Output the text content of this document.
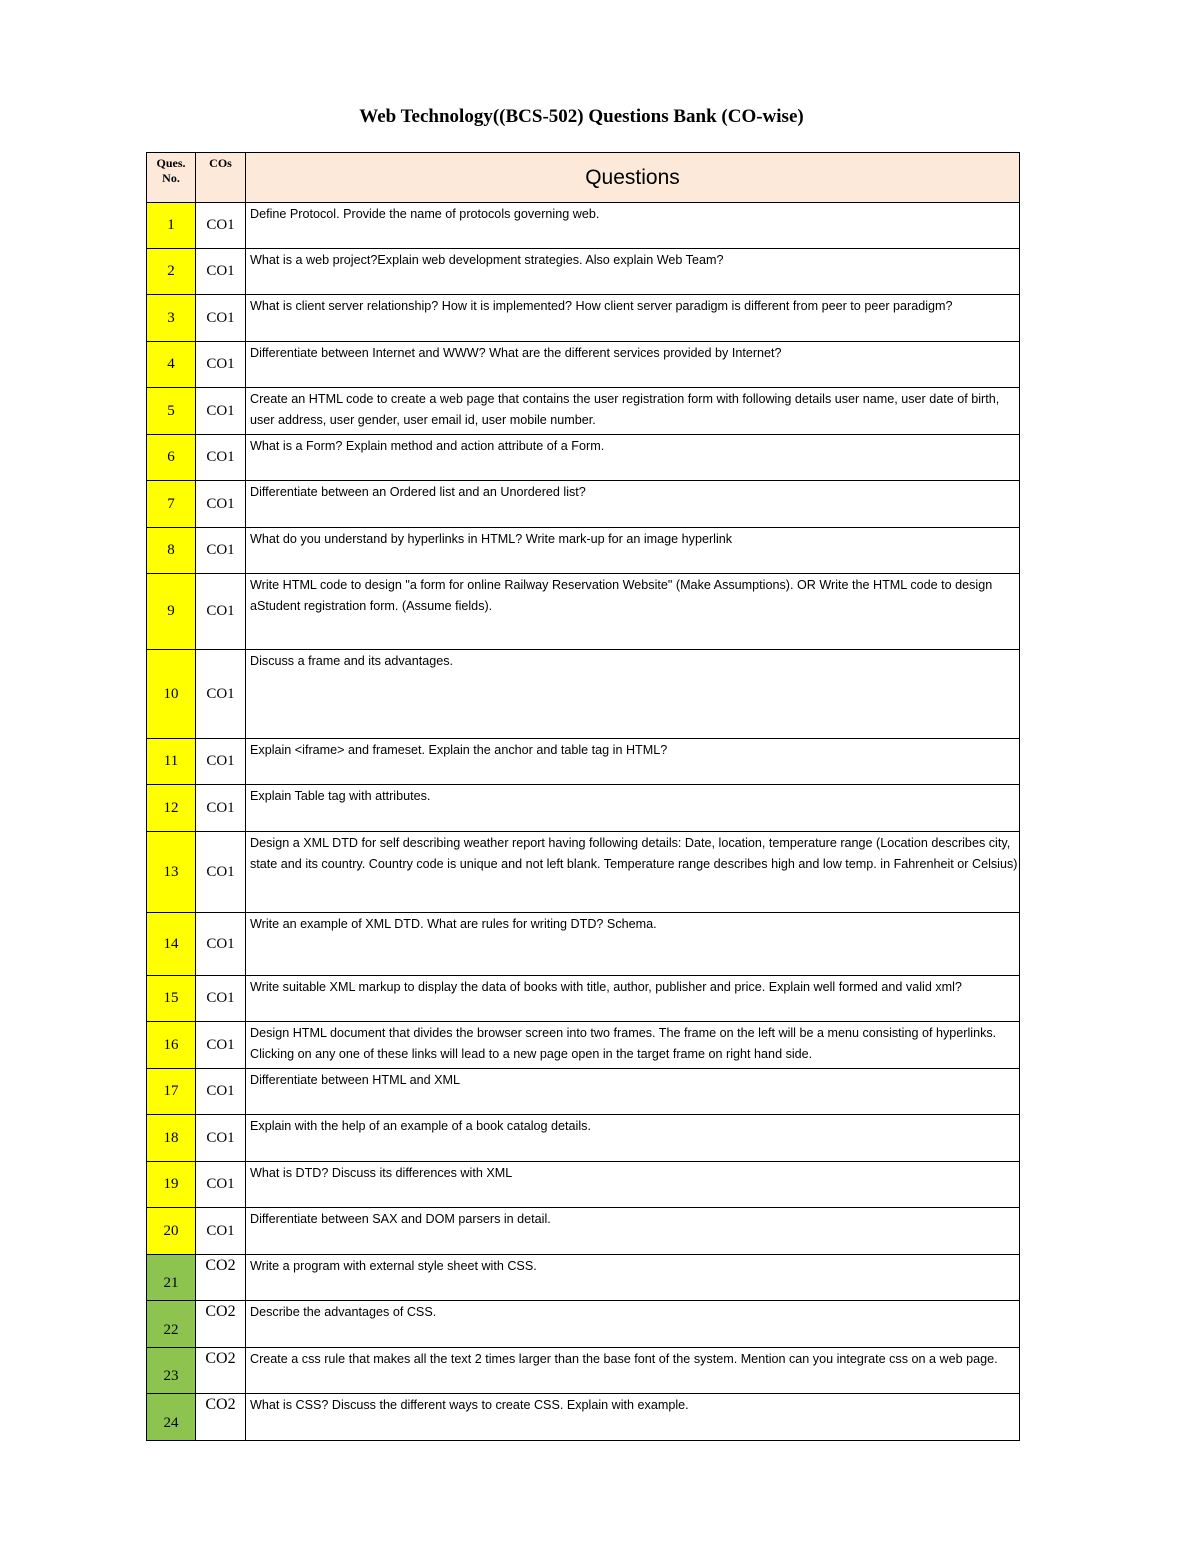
Web Technology((BCS-502) Questions Bank (CO-wise)
Ques. No.	COs	Questions
1	CO1	Define Protocol. Provide the name of protocols governing web.
2	CO1	What is a web project?Explain web development strategies. Also explain Web Team?
3	CO1	What is client server relationship? How it is implemented? How client server paradigm is different from peer to peer paradigm?
4	CO1	Differentiate between Internet and WWW? What are the different services provided by Internet?
5	CO1	Create an HTML code to create a web page that contains the user registration form with following details user name, user date of birth, user address, user gender, user email id, user mobile number.
6	CO1	What is a Form? Explain method and action attribute of a Form.
7	CO1	Differentiate between an Ordered list and an Unordered list?
8	CO1	What do you understand by hyperlinks in HTML? Write mark-up for an image hyperlink
9	CO1	Write HTML code to design "a form for online Railway Reservation Website" (Make Assumptions). OR Write the HTML code to design aStudent registration form. (Assume fields).
10	CO1	Discuss a frame and its advantages.
11	CO1	Explain <iframe> and frameset. Explain the anchor and table tag in HTML?
12	CO1	Explain Table tag with attributes.
13	CO1	Design a XML DTD for self describing weather report having following details: Date, location, temperature range (Location describes city, state and its country. Country code is unique and not left blank. Temperature range describes high and low temp. in Fahrenheit or Celsius)
14	CO1	Write an example of XML DTD. What are rules for writing DTD? Schema.
15	CO1	Write suitable XML markup to display the data of books with title, author, publisher and price. Explain well formed and valid xml?
16	CO1	Design HTML document that divides the browser screen into two frames. The frame on the left will be a menu consisting of hyperlinks. Clicking on any one of these links will lead to a new page open in the target frame on right hand side.
17	CO1	Differentiate between HTML and XML
18	CO1	Explain with the help of an example of a book catalog details.
19	CO1	What is DTD? Discuss its differences with XML
20	CO1	Differentiate between SAX and DOM parsers in detail.
21	CO2	Write a program with external style sheet with CSS.
22	CO2	Describe the advantages of CSS.
23	CO2	Create a css rule that makes all the text 2 times larger than the base font of the system. Mention can you integrate css on a web page.
24	CO2	What is CSS? Discuss the different ways to create CSS. Explain with example.
